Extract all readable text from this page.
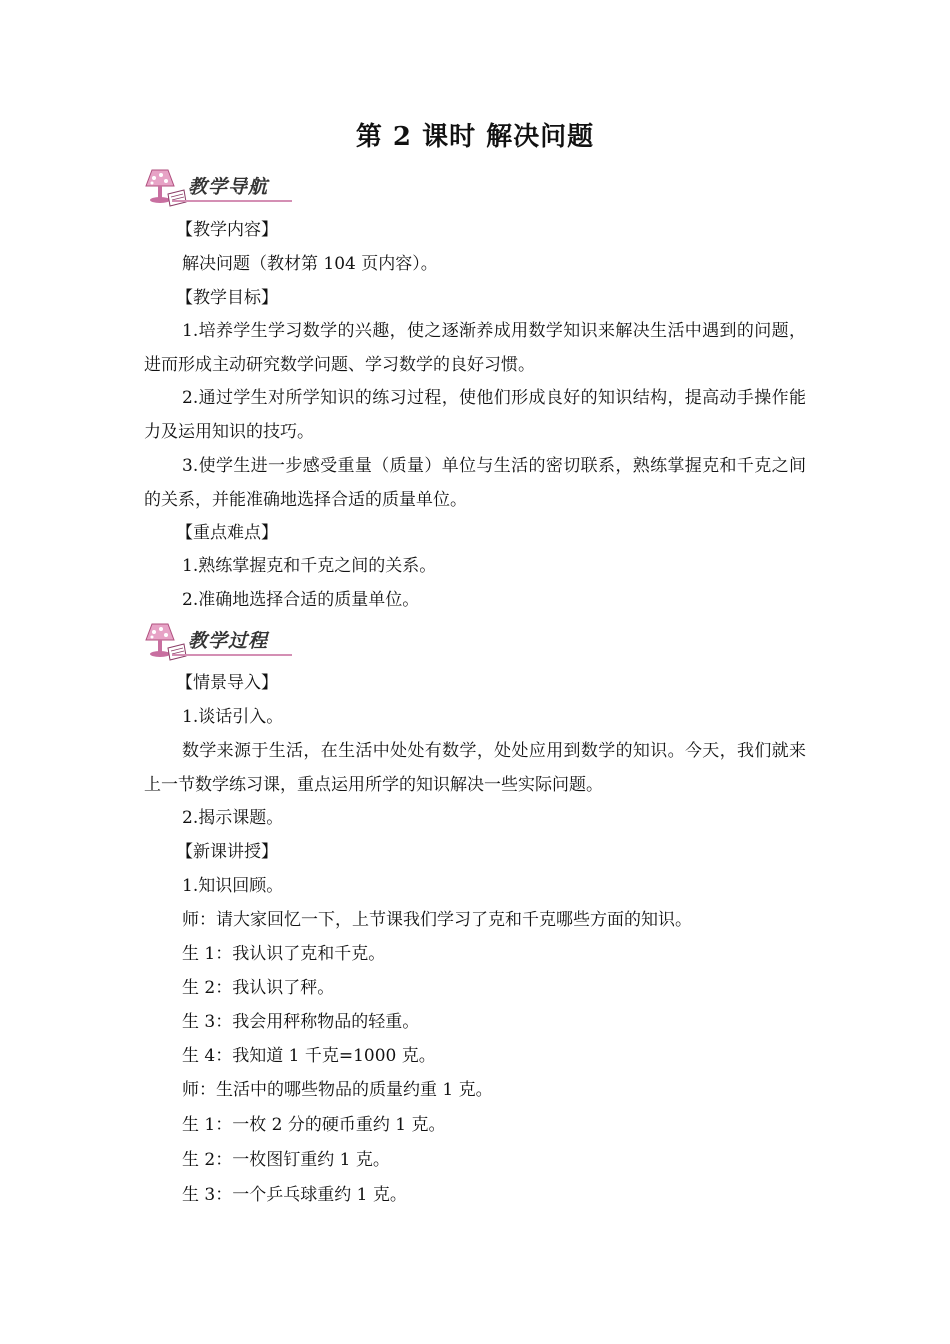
第 2 课时 解决问题
教学导航
【教学内容】
解决问题（教材第 104 页内容）。
【教学目标】
1.培养学生学习数学的兴趣，使之逐渐养成用数学知识来解决生活中遇到的问题，进而形成主动研究数学问题、学习数学的良好习惯。
2.通过学生对所学知识的练习过程，使他们形成良好的知识结构，提高动手操作能力及运用知识的技巧。
3.使学生进一步感受重量（质量）单位与生活的密切联系，熟练掌握克和千克之间的关系，并能准确地选择合适的质量单位。
【重点难点】
1.熟练掌握克和千克之间的关系。
2.准确地选择合适的质量单位。
教学过程
【情景导入】
1.谈话引入。
数学来源于生活，在生活中处处有数学，处处应用到数学的知识。今天，我们就来上一节数学练习课，重点运用所学的知识解决一些实际问题。
2.揭示课题。
【新课讲授】
1.知识回顾。
师：请大家回忆一下，上节课我们学习了克和千克哪些方面的知识。
生 1：我认识了克和千克。
生 2：我认识了秤。
生 3：我会用秤称物品的轻重。
生 4：我知道 1 千克=1000 克。
师：生活中的哪些物品的质量约重 1 克。
生 1：一枚 2 分的硬币重约 1 克。
生 2：一枚图钉重约 1 克。
生 3：一个乒乓球重约 1 克。
